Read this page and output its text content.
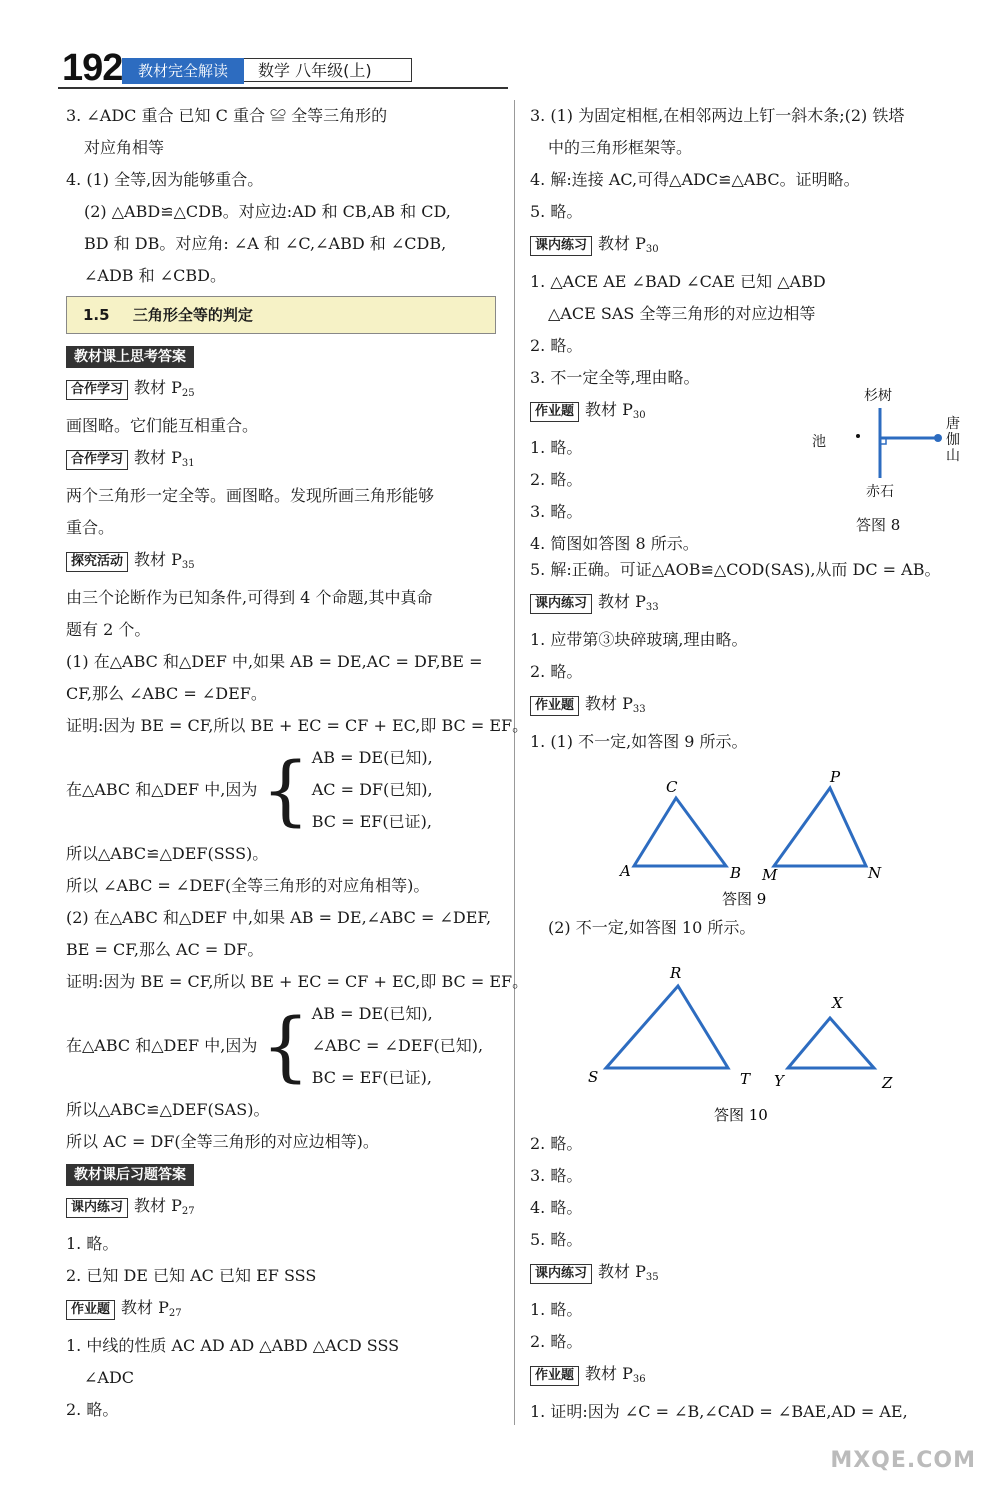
192	教材完全解读	数学 八年级(上)
3. ∠ADC 重合 已知 C 重合 ≌ 全等三角形的
对应角相等
4. (1) 全等,因为能够重合。
(2) △ABD≌△CDB。对应边:AD 和 CB,AB 和 CD,
BD 和 DB。对应角: ∠A 和 ∠C,∠ABD 和 ∠CDB,
∠ADB 和 ∠CBD。
1.5 三角形全等的判定
教材课上思考答案
合作学习 教材 $P_{25}$
画图略。它们能互相重合。
合作学习 教材 $P_{31}$
两个三角形一定全等。画图略。发现所画三角形能够
重合。
探究活动 教材 $P_{35}$
由三个论断作为已知条件,可得到 4 个命题,其中真命
题有 2 个。
(1) 在△ABC 和△DEF 中,如果 AB = DE,AC = DF,BE =
CF,那么 ∠ABC = ∠DEF。
证明:因为 BE = CF,所以 BE + EC = CF + EC,即 BC = EF。
在△ABC 和△DEF 中,因为 { AB = DE(已知),
AC = DF(已知),
BC = EF(已证),
所以△ABC≌△DEF(SSS)。
所以 ∠ABC = ∠DEF(全等三角形的对应角相等)。
(2) 在△ABC 和△DEF 中,如果 AB = DE,∠ABC = ∠DEF,
BE = CF,那么 AC = DF。
证明:因为 BE = CF,所以 BE + EC = CF + EC,即 BC = EF。
在△ABC 和△DEF 中,因为 { AB = DE(已知),
∠ABC = ∠DEF(已知),
BC = EF(已证),
所以△ABC≌△DEF(SAS)。
所以 AC = DF(全等三角形的对应边相等)。
教材课后习题答案
课内练习 教材 $P_{27}$
1. 略。
2. 已知 DE 已知 AC 已知 EF SSS
作业题 教材 $P_{27}$
1. 中线的性质 AC AD AD △ABD △ACD SSS
∠ADC
2. 略。
3. (1) 为固定相框,在相邻两边上钉一斜木条;(2) 铁塔
中的三角形框架等。
4. 解:连接 AC,可得△ADC≌△ABC。证明略。
5. 略。
课内练习 教材 $P_{30}$
1. △ACE AE ∠BAD ∠CAE 已知 △ABD
△ACE SAS 全等三角形的对应边相等
2. 略。
3. 不一定全等,理由略。
作业题 教材 $P_{30}$
1. 略。
2. 略。
3. 略。
4. 简图如答图 8 所示。
杉树
池
唐
伽
山
赤石
答图 8
5. 解:正确。可证△AOB≌△COD(SAS),从而 DC = AB。
课内练习 教材 $P_{33}$
1. 应带第③块碎玻璃,理由略。
2. 略。
作业题 教材 $P_{33}$
1. (1) 不一定,如答图 9 所示。
A	B
C
M	N
P
答图 9
(2) 不一定,如答图 10 所示。
R
S	T
X
Y	Z
答图 10
2. 略。
3. 略。
4. 略。
5. 略。
课内练习 教材 $P_{35}$
1. 略。
2. 略。
作业题 教材 $P_{36}$
1. 证明:因为 ∠C = ∠B,∠CAD = ∠BAE,AD = AE,
MXQE.COM
